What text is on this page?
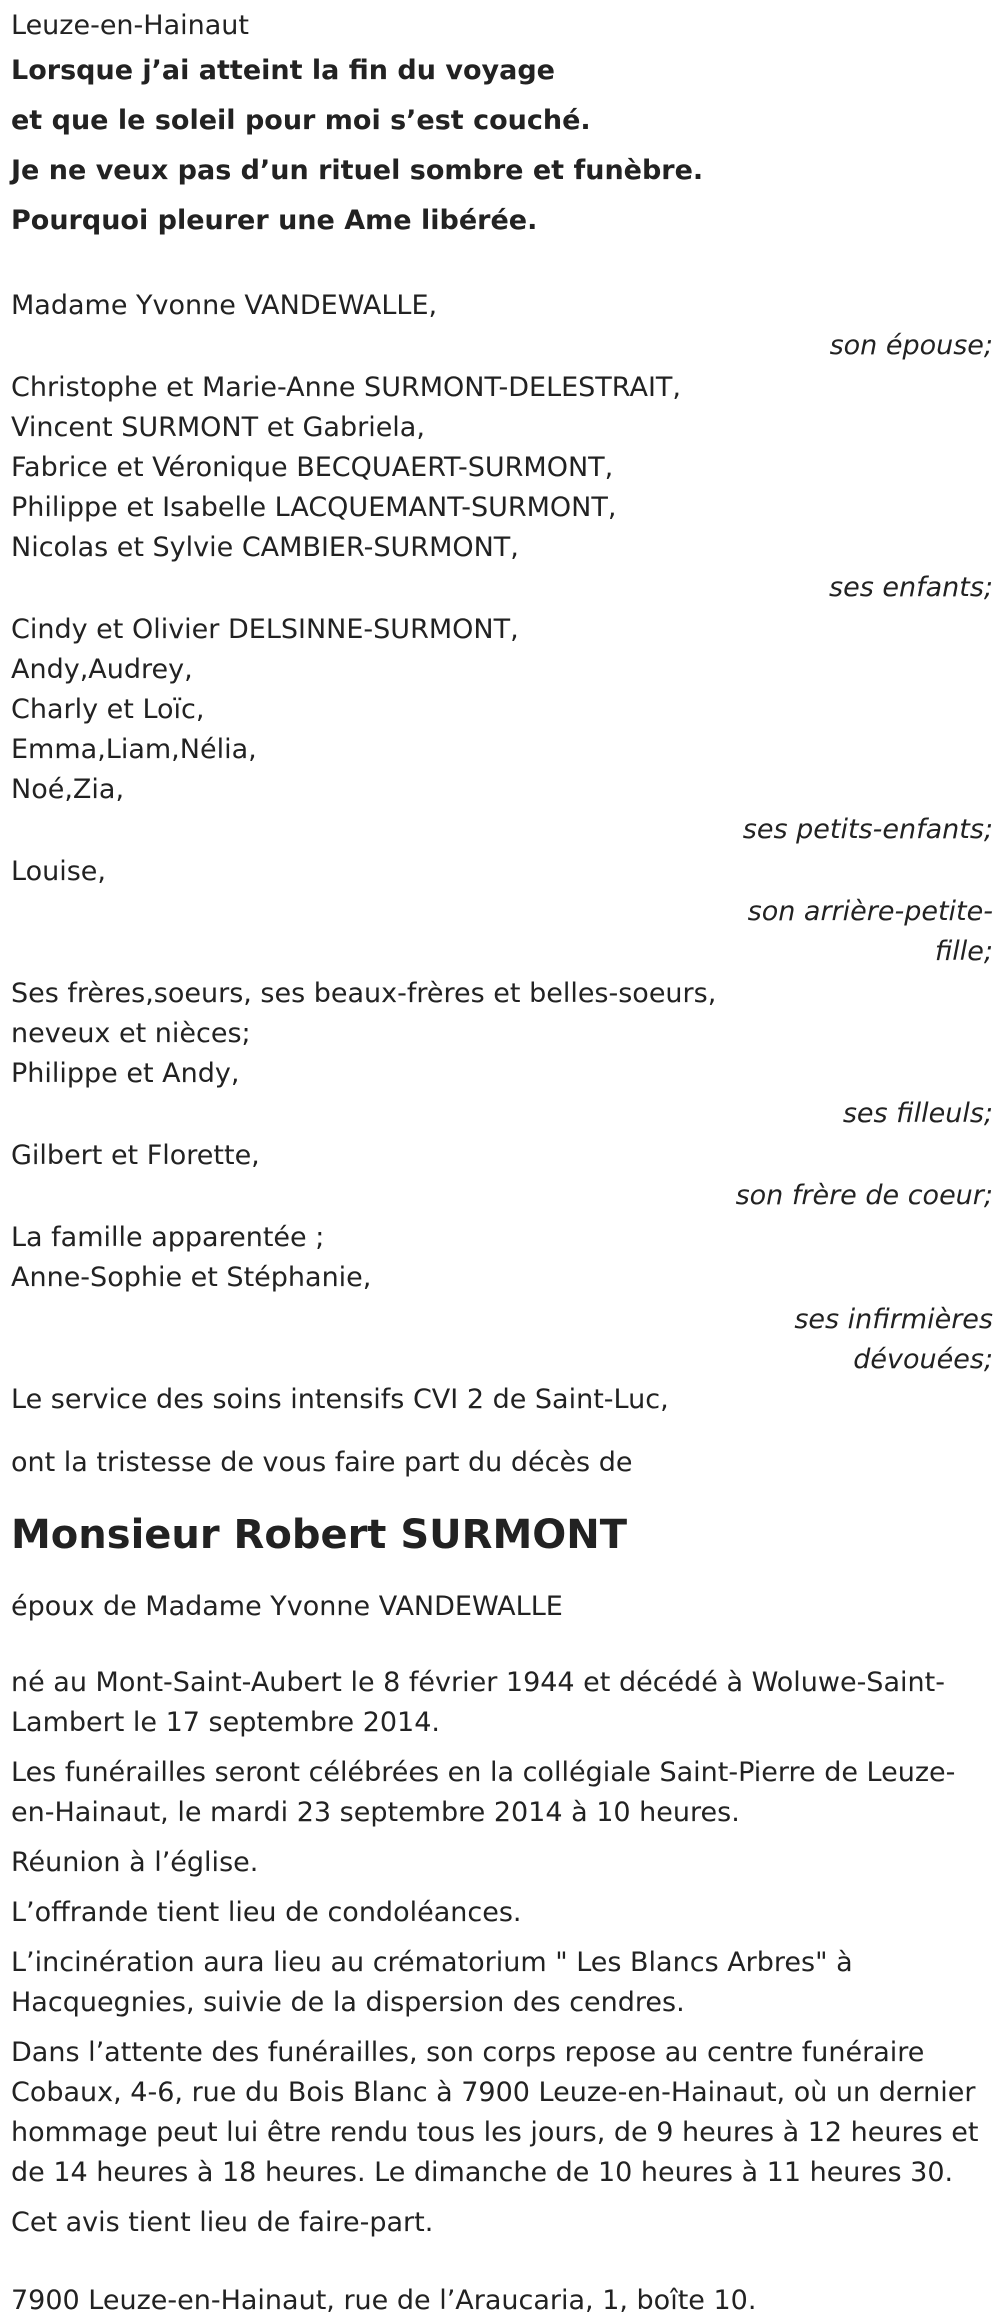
Leuze-en-Hainaut
Lorsque j’ai atteint la fin du voyage
et que le soleil pour moi s’est couché.
Je ne veux pas d’un rituel sombre et funèbre.
Pourquoi pleurer une Ame libérée.
Madame Yvonne VANDEWALLE,
son épouse;
Christophe et Marie-Anne SURMONT-DELESTRAIT,
Vincent SURMONT et Gabriela,
Fabrice et Véronique BECQUAERT-SURMONT,
Philippe et Isabelle LACQUEMANT-SURMONT,
Nicolas et Sylvie CAMBIER-SURMONT,
ses enfants;
Cindy et Olivier DELSINNE-SURMONT,
Andy,Audrey,
Charly et Loïc,
Emma,Liam,Nélia,
Noé,Zia,
ses petits-enfants;
Louise,
son arrière-petite-
fille;
Ses frères,soeurs, ses beaux-frères et belles-soeurs,
neveux et nièces;
Philippe et Andy,
ses filleuls;
Gilbert et Florette,
son frère de coeur;
La famille apparentée ;
Anne-Sophie et Stéphanie,
ses infirmières
dévouées;
Le service des soins intensifs CVI 2 de Saint-Luc,
ont la tristesse de vous faire part du décès de
Monsieur Robert SURMONT
époux de Madame Yvonne VANDEWALLE
né au Mont-Saint-Aubert le 8 février 1944 et décédé à Woluwe-Saint-
Lambert le 17 septembre 2014.
Les funérailles seront célébrées en la collégiale Saint-Pierre de Leuze-
en-Hainaut, le mardi 23 septembre 2014 à 10 heures.
Réunion à l’église.
L’offrande tient lieu de condoléances.
L’incinération aura lieu au crématorium " Les Blancs Arbres" à
Hacquegnies, suivie de la dispersion des cendres.
Dans l’attente des funérailles, son corps repose au centre funéraire
Cobaux, 4-6, rue du Bois Blanc à 7900 Leuze-en-Hainaut, où un dernier
hommage peut lui être rendu tous les jours, de 9 heures à 12 heures et
de 14 heures à 18 heures. Le dimanche de 10 heures à 11 heures 30.
Cet avis tient lieu de faire-part.
7900 Leuze-en-Hainaut, rue de l’Araucaria, 1, boîte 10.
